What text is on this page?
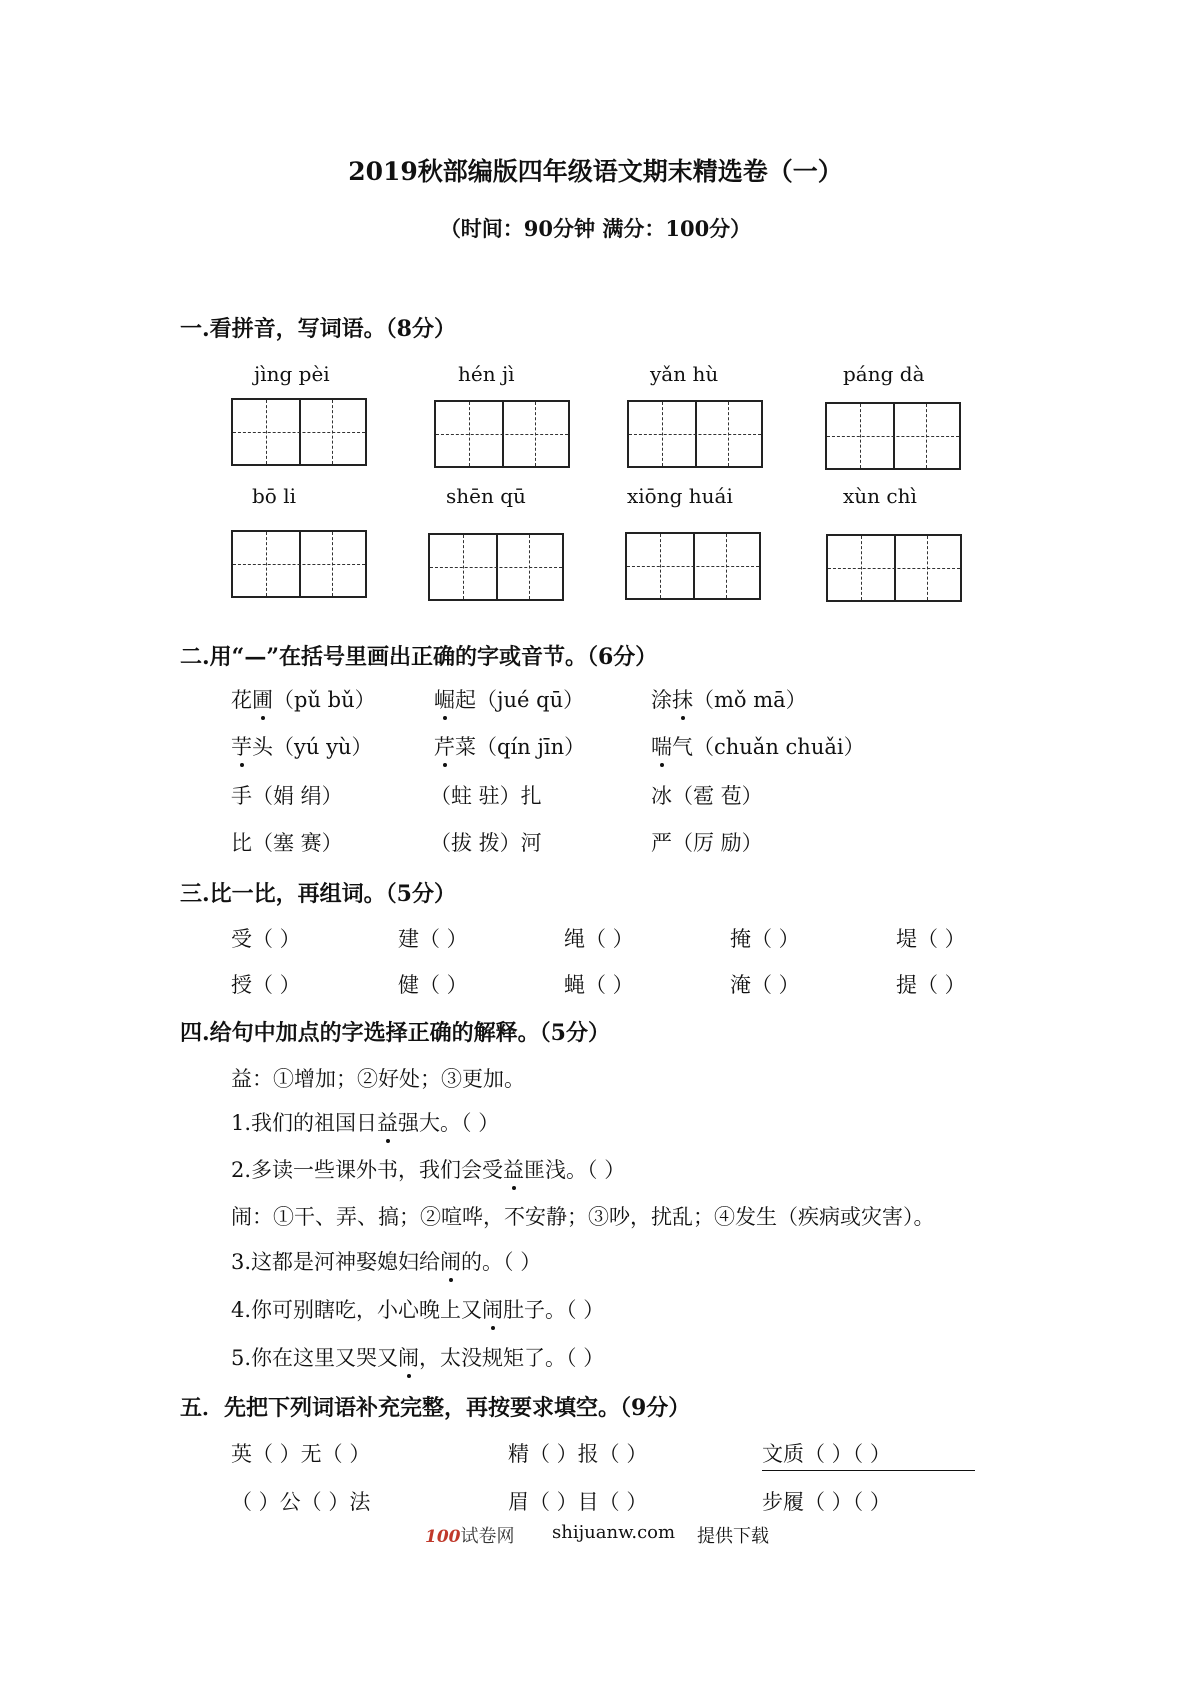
2019秋部编版四年级语文期末精选卷（一）
（时间：90分钟 满分：100分）
一.看拼音，写词语。（8分）
jìng pèi	hén jì	yǎn hù	páng dà
bō li	shēn qū	xiōng huái	xùn chì
二.用“—”在括号里画出正确的字或音节。（6分）
花圃（pǔ bǔ）	崛起（jué qū）	涂抹（mǒ mā）
芋头（yú yù）	芹菜（qín jīn）	喘气（chuǎn chuǎi）
手（娟 绢）	（蛀 驻）扎	冰（雹 苞）
比（塞 赛）	（拔 拨）河	严（厉 励）
三.比一比，再组词。（5分）
受（ ）	建（ ）	绳（ ）	掩（ ）	堤（ ）
授（ ）	健（ ）	蝇（ ）	淹（ ）	提（ ）
四.给句中加点的字选择正确的解释。（5分）
益：①增加；②好处；③更加。
1.我们的祖国日益强大。（ ）
2.多读一些课外书，我们会受益匪浅。（ ）
闹：①干、弄、搞；②喧哗，不安静；③吵，扰乱；④发生（疾病或灾害）。
3.这都是河神娶媳妇给闹的。（ ）
4.你可别瞎吃，小心晚上又闹肚子。（ ）
5.你在这里又哭又闹，太没规矩了。（ ）
五．先把下列词语补充完整，再按要求填空。（9分）
英（ ）无（ ）	精（ ）报（ ）	文质（ ）（ ）
（ ）公（ ）法	眉（ ）目（ ）	步履（ ）（ ）
100试卷网 shijuanw.com 提供下载
